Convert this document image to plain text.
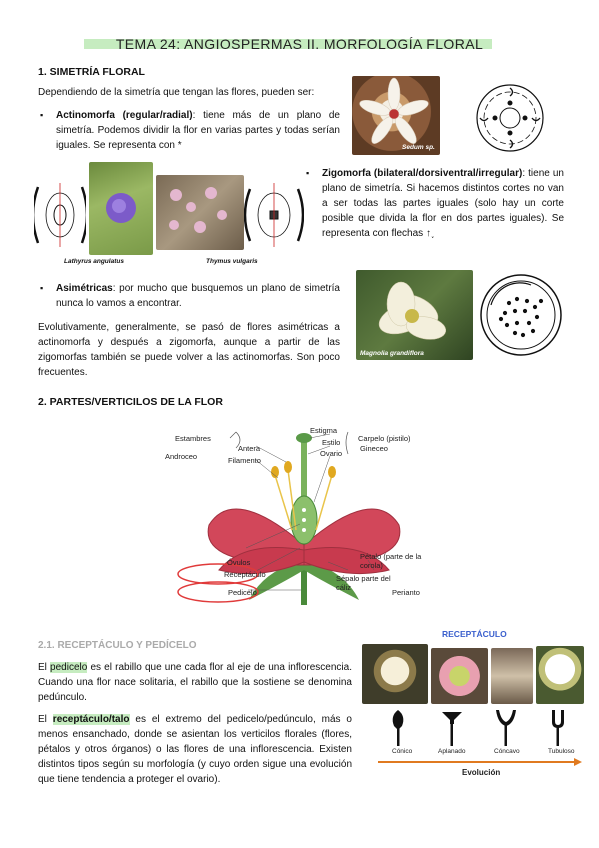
TEMA 24: ANGIOSPERMAS II. MORFOLOGÍA FLORAL
1. SIMETRÍA FLORAL
Dependiendo de la simetría que tengan las flores, pueden ser:
▪ Actinomorfa (regular/radial): tiene más de un plano de simetría. Podemos dividir la flor en varias partes y todas serían iguales. Se representa con *	Sedum sp.
Lathyrus angulatus	Thymus vulgaris
▪ Zigomorfa (bilateral/dorsiventral/irregular): tiene un plano de simetría. Si hacemos distintos cortes no van a ser todas las partes iguales (solo hay un corte posible que divida la flor en dos partes iguales). Se representa con flechas ↑˯
▪ Asimétricas: por mucho que busquemos un plano de simetría nunca lo vamos a encontrar.
Evolutivamente, generalmente, se pasó de flores asimétricas a actinomorfa y después a zigomorfa, aunque a partir de las zigomorfas también se puede volver a las actinomorfas. Son poco frecuentes.
Magnolia grandiflora
2. PARTES/VERTICILOS DE LA FLOR
Estambres
Androceo
Antera
Filamento
Estigma
Estilo
Ovario
Carpelo (pistilo)
Gineceo
Óvulos
Receptáculo
Pedicelo
Pétalo (parte de la corola)
Sépalo parte del cáliz
Perianto
2.1. RECEPTÁCULO Y PEDÍCELO
El pedicelo es el rabillo que une cada flor al eje de una inflorescencia. Cuando una flor nace solitaria, el rabillo que la sostiene se denomina pedúnculo.
El receptáculo/talo es el extremo del pedicelo/pedúnculo, más o menos ensanchado, donde se asientan los verticilos florales (flores, pétalos y otros órganos) o las flores de una inflorescencia. Existen distintos tipos según su morfología (y cuyo orden sigue una evolución que tiene tendencia a proteger el ovario).
RECEPTÁCULO
Cónico	Aplanado	Cóncavo	Tubuloso
Evolución
